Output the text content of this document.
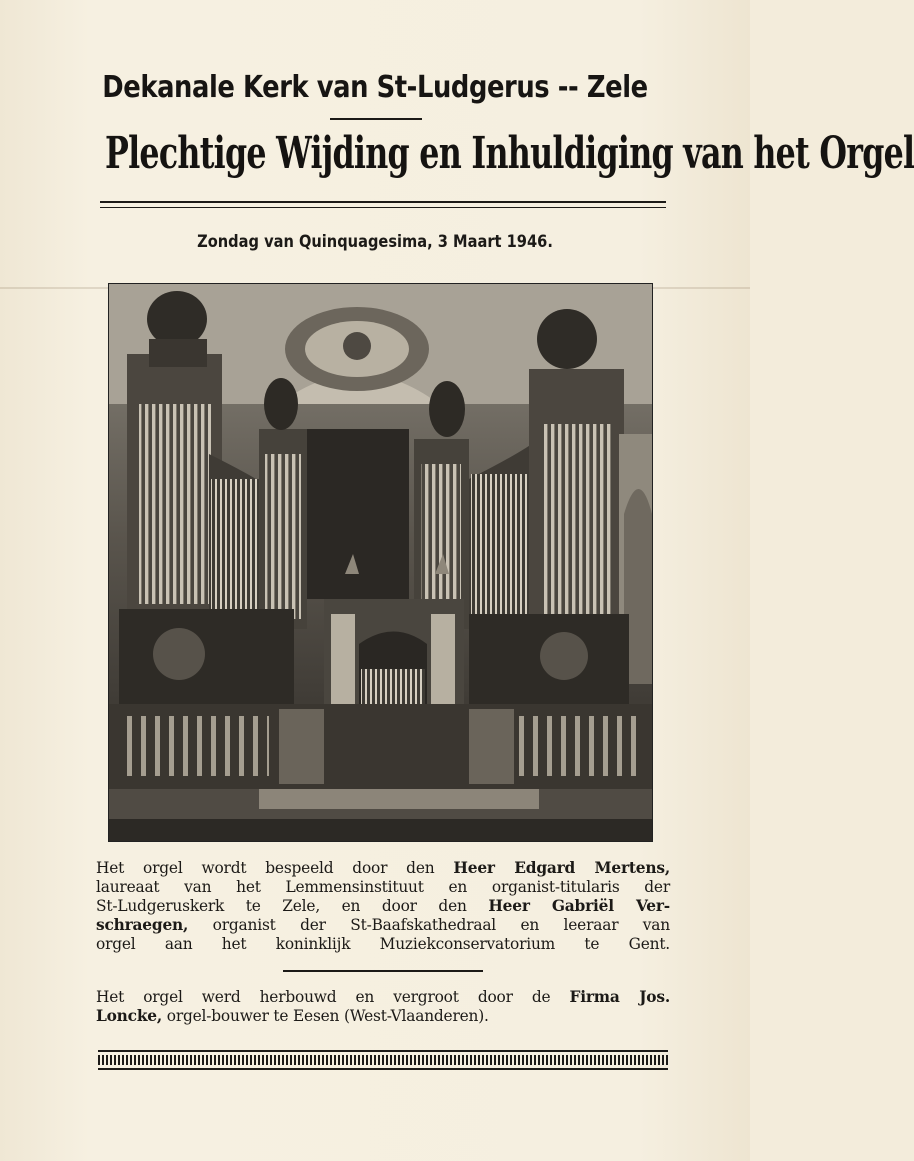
Dekanale Kerk van St-Ludgerus -- Zele
Plechtige Wijding en Inhuldiging van het Orgel
Zondag van Quinquagesima, 3 Maart 1946.
Het orgel wordt bespeeld door den Heer Edgard Mertens,
laureaat van het Lemmensinstituut en organist-titularis der
St-Ludgeruskerk te Zele, en door den Heer Gabriël Ver-
schraegen, organist der St-Baafskathedraal en leeraar van
orgel aan het koninklijk Muziekconservatorium te Gent.
Het orgel werd herbouwd en vergroot door de Firma Jos.
Loncke, orgel-bouwer te Eesen (West-Vlaanderen).
